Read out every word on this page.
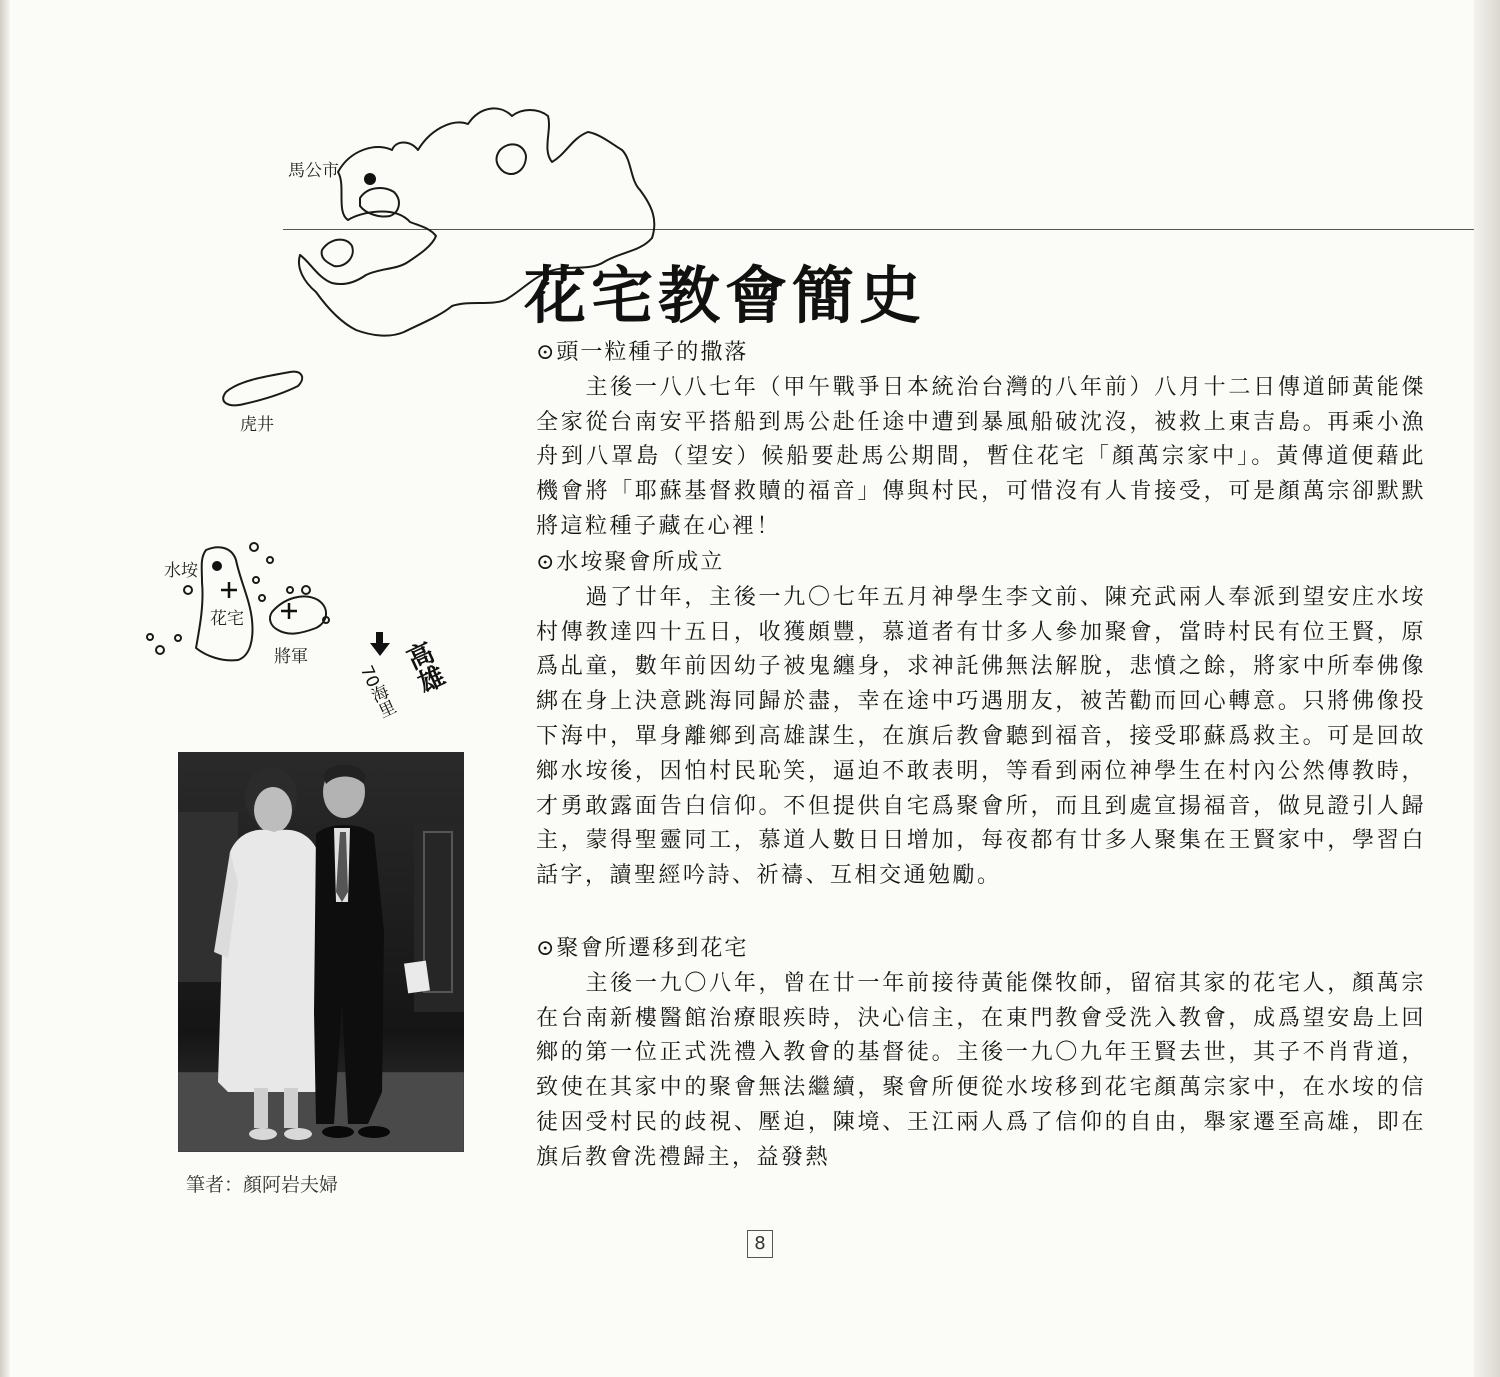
馬公市
虎井
水垵
花宅
將軍	高雄
70海里
花宅教會簡史
筆者：顏阿岩夫婦
⊙頭一粒種子的撒落

　　主後一八八七年（甲午戰爭日本統治台灣的八年前）八月十二日傳道師黃能傑全家從台南安平搭船到馬公赴任途中遭到暴風船破沈沒，被救上東吉島。再乘小漁舟到八罩島（望安）候船要赴馬公期間，暫住花宅「顏萬宗家中」。黃傳道便藉此機會將「耶蘇基督救贖的福音」傳與村民，可惜沒有人肯接受，可是顏萬宗卻默默將這粒種子藏在心裡！

⊙水垵聚會所成立

　　過了廿年，主後一九〇七年五月神學生李文前、陳充武兩人奉派到望安庄水垵村傳教達四十五日，收獲頗豐，慕道者有廿多人參加聚會，當時村民有位王賢，原爲乩童，數年前因幼子被鬼纏身，求神託佛無法解脫，悲憤之餘，將家中所奉佛像綁在身上決意跳海同歸於盡，幸在途中巧遇朋友，被苦勸而回心轉意。只將佛像投下海中，單身離鄉到高雄謀生，在旗后教會聽到福音，接受耶蘇爲救主。可是回故鄉水垵後，因怕村民恥笑，逼迫不敢表明，等看到兩位神學生在村內公然傳教時，才勇敢露面告白信仰。不但提供自宅爲聚會所，而且到處宣揚福音，做見證引人歸主，蒙得聖靈同工，慕道人數日日增加，每夜都有廿多人聚集在王賢家中，學習白話字，讀聖經吟詩、祈禱、互相交通勉勵。

⊙聚會所遷移到花宅

　　主後一九〇八年，曾在廿一年前接待黃能傑牧師，留宿其家的花宅人，顏萬宗在台南新樓醫館治療眼疾時，決心信主，在東門教會受洗入教會，成爲望安島上回鄉的第一位正式洗禮入教會的基督徒。主後一九〇九年王賢去世，其子不肖背道，致使在其家中的聚會無法繼續，聚會所便從水垵移到花宅顏萬宗家中，在水垵的信徒因受村民的歧視、壓迫，陳境、王江兩人爲了信仰的自由，舉家遷至高雄，即在旗后教會洗禮歸主，益發熱

8
